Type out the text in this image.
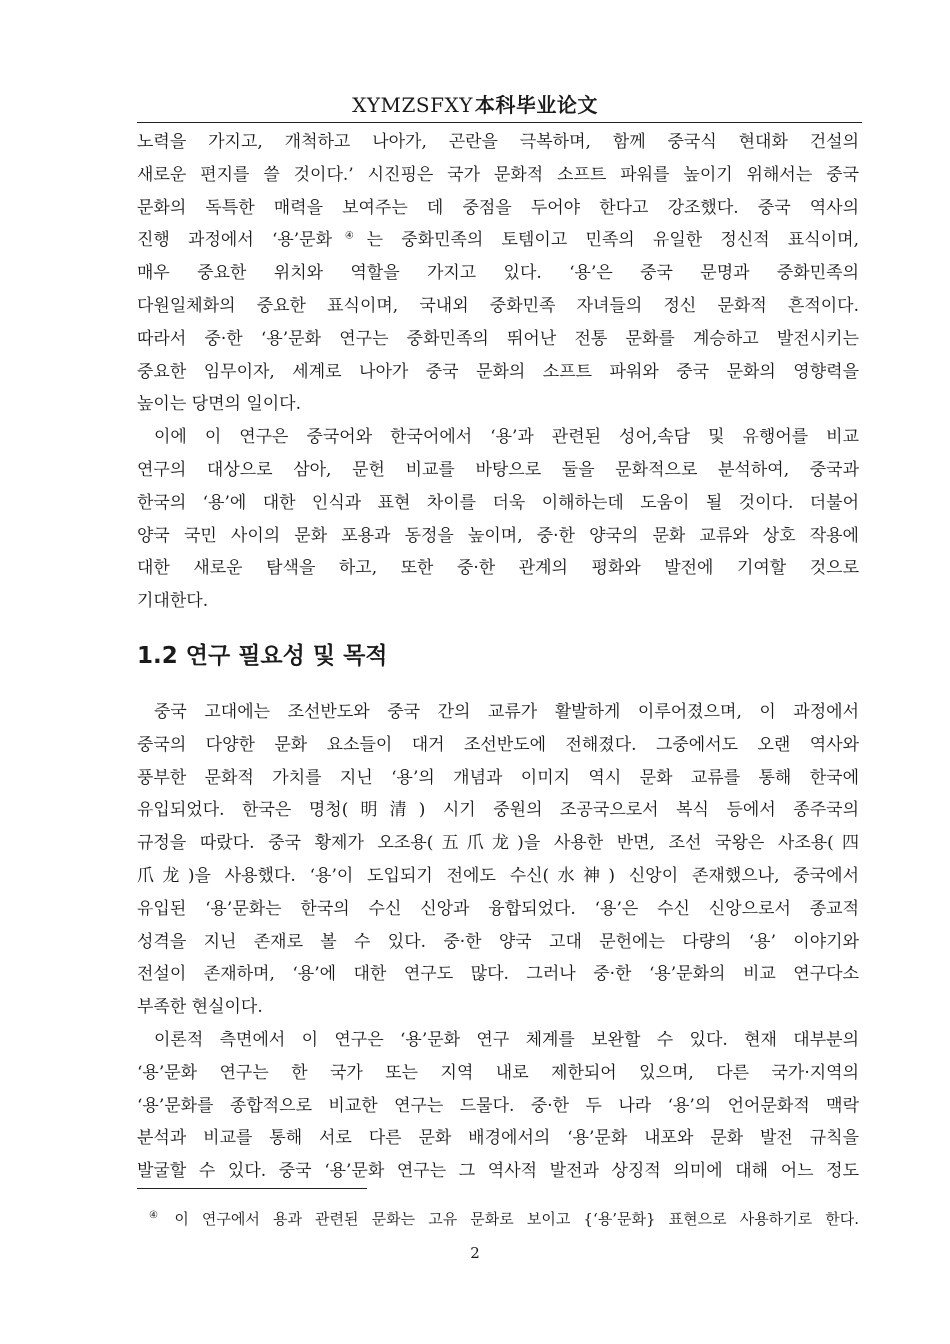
XYMZSFXY 本科毕业论文

노력을 가지고, 개척하고 나아가, 곤란을 극복하며, 함께 중국식 현대화 건설의

새로운 편지를 쓸 것이다.’ 시진핑은 국가 문화적 소프트 파워를 높이기 위해서는 중국

문화의 독특한 매력을 보여주는 데 중점을 두어야 한다고 강조했다. 중국 역사의

진행 과정에서 ‘용’문화④는 중화민족의 토템이고 민족의 유일한 정신적 표식이며,

매우 중요한 위치와 역할을 가지고 있다. ‘용’은 중국 문명과 중화민족의

다원일체화의 중요한 표식이며, 국내외 중화민족 자녀들의 정신 문화적 흔적이다.

따라서 중·한 ‘용’문화 연구는 중화민족의 뛰어난 전통 문화를 계승하고 발전시키는

중요한 임무이자, 세계로 나아가 중국 문화의 소프트 파워와 중국 문화의 영향력을

높이는 당면의 일이다.

이에 이 연구은 중국어와 한국어에서 ‘용’과 관련된 성어,속담 및 유행어를 비교

연구의 대상으로 삼아, 문헌 비교를 바탕으로 둘을 문화적으로 분석하여, 중국과

한국의 ‘용’에 대한 인식과 표현 차이를 더욱 이해하는데 도움이 될 것이다. 더불어

양국 국민 사이의 문화 포용과 동정을 높이며, 중·한 양국의 문화 교류와 상호 작용에

대한 새로운 탐색을 하고, 또한 중·한 관계의 평화와 발전에 기여할 것으로

기대한다.

1.2 연구 필요성 및 목적

중국 고대에는 조선반도와 중국 간의 교류가 활발하게 이루어졌으며, 이 과정에서

중국의 다양한 문화 요소들이 대거 조선반도에 전해졌다. 그중에서도 오랜 역사와

풍부한 문화적 가치를 지닌 ‘용’의 개념과 이미지 역시 문화 교류를 통해 한국에

유입되었다. 한국은 명청(明清) 시기 중원의 조공국으로서 복식 등에서 종주국의

규정을 따랐다. 중국 황제가 오조용(五爪龙)을 사용한 반면, 조선 국왕은 사조용(四

爪龙)을 사용했다. ‘용’이 도입되기 전에도 수신(水神) 신앙이 존재했으나, 중국에서

유입된 ‘용’문화는 한국의 수신 신앙과 융합되었다. ‘용’은 수신 신앙으로서 종교적

성격을 지닌 존재로 볼 수 있다. 중·한 양국 고대 문헌에는 다량의 ‘용’ 이야기와

전설이 존재하며, ‘용’에 대한 연구도 많다. 그러나 중·한 ‘용’문화의 비교 연구다소

부족한 현실이다.

이론적 측면에서 이 연구은 ‘용’문화 연구 체계를 보완할 수 있다. 현재 대부분의

‘용’문화 연구는 한 국가 또는 지역 내로 제한되어 있으며, 다른 국가·지역의

‘용’문화를 종합적으로 비교한 연구는 드물다. 중·한 두 나라 ‘용’의 언어문화적 맥락

분석과 비교를 통해 서로 다른 문화 배경에서의 ‘용’문화 내포와 문화 발전 규칙을

발굴할 수 있다. 중국 ‘용’문화 연구는 그 역사적 발전과 상징적 의미에 대해 어느 정도

④ 이 연구에서 용과 관련된 문화는 고유 문화로 보이고 {‘용’문화} 표현으로 사용하기로 한다.
2
